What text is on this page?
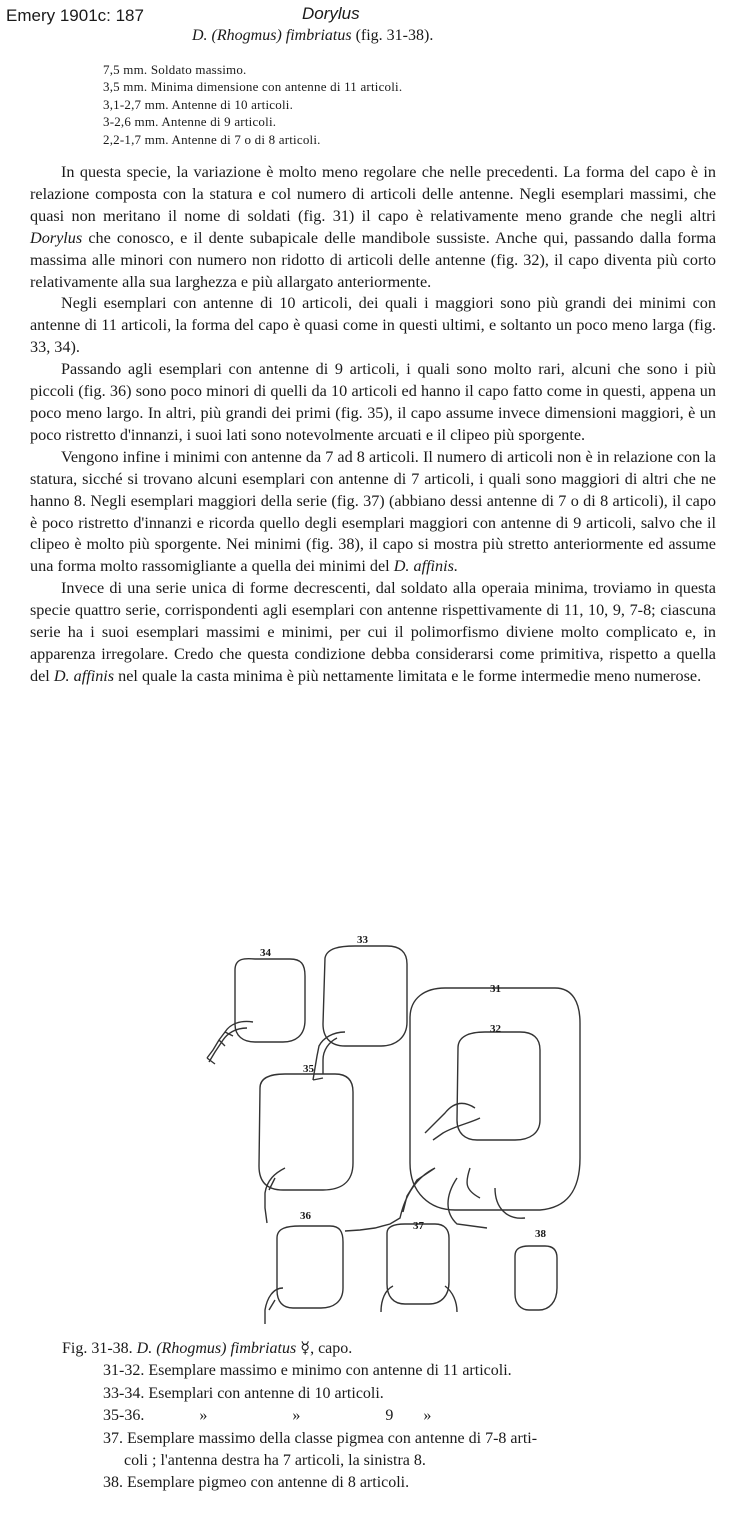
Emery 1901c: 187	Dorylus
D. (Rhogmus) fimbriatus (fig. 31-38).
7,5 mm. Soldato massimo.
3,5 mm. Minima dimensione con antenne di 11 articoli.
3,1-2,7 mm. Antenne di 10 articoli.
3-2,6 mm. Antenne di 9 articoli.
2,2-1,7 mm. Antenne di 7 o di 8 articoli.

In questa specie, la variazione è molto meno regolare che nelle precedenti. La forma del capo è in relazione composta con la statura e col numero di articoli delle antenne. Negli esemplari massimi, che quasi non meritano il nome di soldati (fig. 31) il capo è relativamente meno grande che negli altri Dorylus che conosco, e il dente subapicale delle mandibole sussiste. Anche qui, passando dalla forma massima alle minori con numero non ridotto di articoli delle antenne (fig. 32), il capo diventa più corto relativamente alla sua larghezza e più allargato anteriormente.

Negli esemplari con antenne di 10 articoli, dei quali i maggiori sono più grandi dei minimi con antenne di 11 articoli, la forma del capo è quasi come in questi ultimi, e soltanto un poco meno larga (fig. 33, 34).

Passando agli esemplari con antenne di 9 articoli, i quali sono molto rari, alcuni che sono i più piccoli (fig. 36) sono poco minori di quelli da 10 articoli ed hanno il capo fatto come in questi, appena un poco meno largo. In altri, più grandi dei primi (fig. 35), il capo assume invece dimensioni maggiori, è un poco ristretto d'innanzi, i suoi lati sono notevolmente arcuati e il clipeo più sporgente.

Vengono infine i minimi con antenne da 7 ad 8 articoli. Il numero di articoli non è in relazione con la statura, sicché si trovano alcuni esemplari con antenne di 7 articoli, i quali sono maggiori di altri che ne hanno 8. Negli esemplari maggiori della serie (fig. 37) (abbiano dessi antenne di 7 o di 8 articoli), il capo è poco ristretto d'innanzi e ricorda quello degli esemplari maggiori con antenne di 9 articoli, salvo che il clipeo è molto più sporgente. Nei minimi (fig. 38), il capo si mostra più stretto anteriormente ed assume una forma molto rassomigliante a quella dei minimi del D. affinis.

Invece di una serie unica di forme decrescenti, dal soldato alla operaia minima, troviamo in questa specie quattro serie, corrispondenti agli esemplari con antenne rispettivamente di 11, 10, 9, 7-8; ciascuna serie ha i suoi esemplari massimi e minimi, per cui il polimorfismo diviene molto complicato e, in apparenza irregolare. Credo che questa condizione debba considerarsi come primitiva, rispetto a quella del D. affinis nel quale la casta minima è più nettamente limitata e le forme intermedie meno numerose.

34
33
31
32
35
36
37
38
Fig. 31-38. D. (Rhogmus) fimbriatus ☿, capo.
31-32. Esemplare massimo e minimo con antenne di 11 articoli.
33-34. Esemplari con antenne di 10 articoli.
35-36.	»	»	9 »
37. Esemplare massimo della classe pigmea con antenne di 7-8 arti-
coli ; l'antenna destra ha 7 articoli, la sinistra 8.
38. Esemplare pigmeo con antenne di 8 articoli.
